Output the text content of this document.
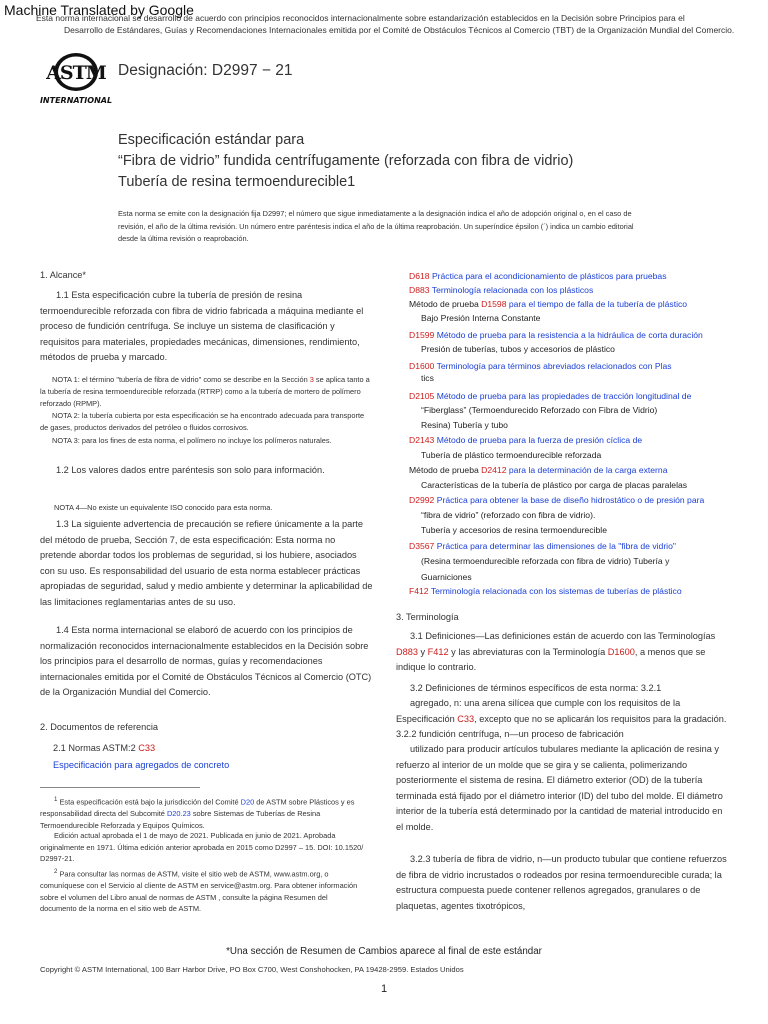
Esta norma internacional se desarrolló de acuerdo con principios reconocidos internacionalmente sobre estandarización establecidos en la Decisión sobre Principios para el
Desarrollo de Estándares, Guías y Recomendaciones Internacionales emitida por el Comité de Obstáculos Técnicos al Comercio (TBT) de la Organización Mundial del Comercio.
Machine Translated by Google
ASTM
INTERNATIONAL
Designación: D2997 − 21
Especificación estándar para
“Fibra de vidrio” fundida centrífugamente (reforzada con fibra de vidrio)
Tubería de resina termoendurecible1
Esta norma se emite con la designación fija D2997; el número que sigue inmediatamente a la designación indica el año de adopción original o, en el caso de
revisión, el año de la última revisión. Un número entre paréntesis indica el año de la última reaprobación. Un superíndice épsilon (´) indica un cambio editorial
desde la última revisión o reaprobación.
1. Alcance*
1.1 Esta especificación cubre la tubería de presión de resina termoendurecible reforzada con fibra de vidrio fabricada a máquina mediante el proceso de fundición centrífuga. Se incluye un sistema de clasificación y requisitos para materiales, propiedades mecánicas, dimensiones, rendimiento, métodos de prueba y marcado.
NOTA 1: el término "tubería de fibra de vidrio" como se describe en la Sección 3 se aplica tanto a la tubería de resina termoendurecible reforzada (RTRP) como a la tubería de mortero de polímero reforzado (RPMP).
NOTA 2: la tubería cubierta por esta especificación se ha encontrado adecuada para transporte de gases, productos derivados del petróleo o fluidos corrosivos.
NOTA 3: para los fines de esta norma, el polímero no incluye los polímeros naturales.
1.2 Los valores dados entre paréntesis son solo para información.
NOTA 4—No existe un equivalente ISO conocido para esta norma.
1.3 La siguiente advertencia de precaución se refiere únicamente a la parte del método de prueba, Sección 7, de esta especificación: Esta norma no pretende abordar todos los problemas de seguridad, si los hubiere, asociados con su uso. Es responsabilidad del usuario de esta norma establecer prácticas apropiadas de seguridad, salud y medio ambiente y determinar la aplicabilidad de las limitaciones reglamentarias antes de su uso.
1.4 Esta norma internacional se elaboró de acuerdo con los principios de normalización reconocidos internacionalmente establecidos en la Decisión sobre los principios para el desarrollo de normas, guías y recomendaciones internacionales emitida por el Comité de Obstáculos Técnicos al Comercio (OTC) de la Organización Mundial del Comercio.
2. Documentos de referencia
2.1 Normas ASTM:2 C33
Especificación para agregados de concreto
$^1$ Esta especificación está bajo la jurisdicción del Comité D20 de ASTM sobre Plásticos y es responsabilidad directa del Subcomité D20.23 sobre Sistemas de Tuberías de Resina Termoendurecible Reforzada y Equipos Químicos.
Edición actual aprobada el 1 de mayo de 2021. Publicada en junio de 2021. Aprobada originalmente en 1971. Última edición anterior aprobada en 2015 como D2997 – 15. DOI: 10.1520/ D2997-21.
$^2$ Para consultar las normas de ASTM, visite el sitio web de ASTM, www.astm.org, o comuníquese con el Servicio al cliente de ASTM en service@astm.org. Para obtener información sobre el volumen del Libro anual de normas de ASTM , consulte la página Resumen del documento de la norma en el sitio web de ASTM.
D618 Práctica para el acondicionamiento de plásticos para pruebas
D883 Terminología relacionada con los plásticos
Método de prueba D1598 para el tiempo de falla de la tubería de plástico
Bajo Presión Interna Constante
D1599 Método de prueba para la resistencia a la hidráulica de corta duración
Presión de tuberías, tubos y accesorios de plástico
D1600 Terminología para términos abreviados relacionados con Plas
tics
D2105 Método de prueba para las propiedades de tracción longitudinal de
“Fiberglass” (Termoendurecido Reforzado con Fibra de Vidrio)
Resina) Tubería y tubo
D2143 Método de prueba para la fuerza de presión cíclica de
Tubería de plástico termoendurecible reforzada
Método de prueba D2412 para la determinación de la carga externa
Características de la tubería de plástico por carga de placas paralelas
D2992 Práctica para obtener la base de diseño hidrostático o de presión para
“fibra de vidrio” (reforzado con fibra de vidrio).
Tubería y accesorios de resina termoendurecible
D3567 Práctica para determinar las dimensiones de la "fibra de vidrio"
(Resina termoendurecible reforzada con fibra de vidrio) Tubería y
Guarniciones
F412 Terminología relacionada con los sistemas de tuberías de plástico
3. Terminología
3.1 Definiciones—Las definiciones están de acuerdo con las Terminologías D883 y F412 y las abreviaturas con la Terminología D1600, a menos que se indique lo contrario.
3.2 Definiciones de términos específicos de esta norma: 3.2.1
agregado, n: una arena silícea que cumple con los requisitos de la Especificación C33, excepto que no se aplicarán los requisitos para la gradación. 3.2.2 fundición centrífuga, n—un proceso de fabricación
utilizado para producir artículos tubulares mediante la aplicación de resina y refuerzo al interior de un molde que se gira y se calienta, polimerizando posteriormente el sistema de resina. El diámetro exterior (OD) de la tubería terminada está fijado por el diámetro interior (ID) del tubo del molde. El diámetro interior de la tubería está determinado por la cantidad de material introducido en el molde.
3.2.3 tubería de fibra de vidrio, n—un producto tubular que contiene refuerzos de fibra de vidrio incrustados o rodeados por resina termoendurecible curada; la estructura compuesta puede contener rellenos agregados, granulares o de plaquetas, agentes tixotrópicos,
*Una sección de Resumen de Cambios aparece al final de este estándar
Copyright © ASTM International, 100 Barr Harbor Drive, PO Box C700, West Conshohocken, PA 19428-2959. Estados Unidos
1
